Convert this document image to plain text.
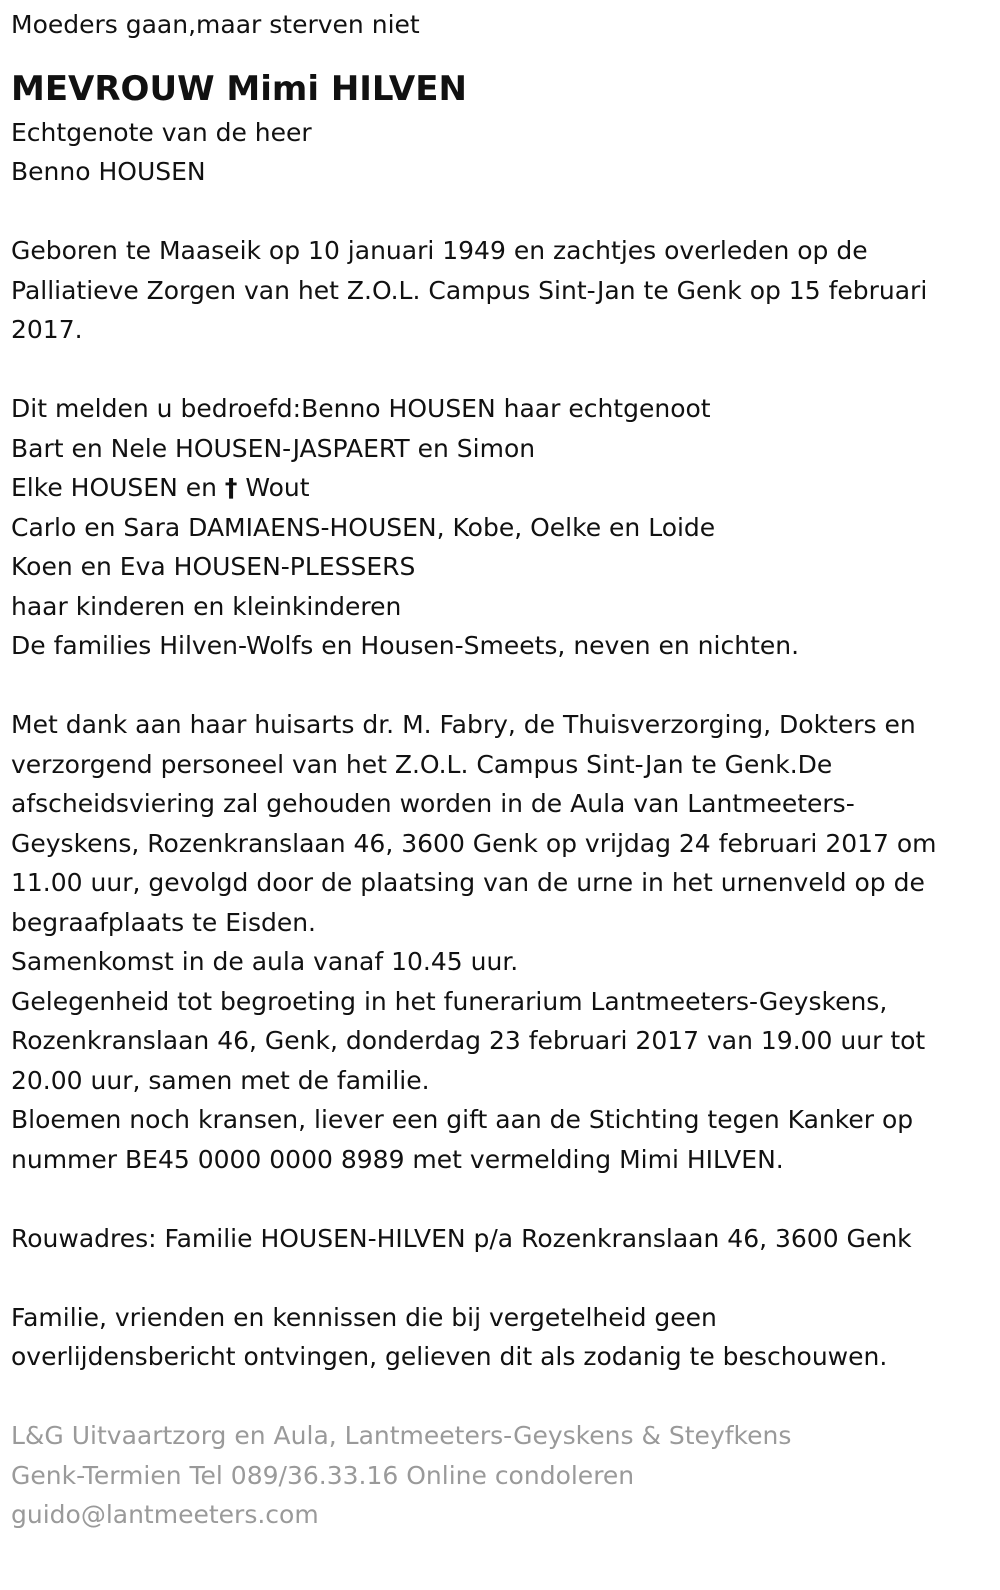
Moeders gaan,maar sterven niet

MEVROUW Mimi HILVEN

Echtgenote van de heer

Benno HOUSEN

Geboren te Maaseik op 10 januari 1949 en zachtjes overleden op de

Palliatieve Zorgen van het Z.O.L. Campus Sint-Jan te Genk op 15 februari

2017.

Dit melden u bedroefd:Benno HOUSEN haar echtgenoot

Bart en Nele HOUSEN-JASPAERT en Simon

Elke HOUSEN en † Wout

Carlo en Sara DAMIAENS-HOUSEN, Kobe, Oelke en Loide

Koen en Eva HOUSEN-PLESSERS

haar kinderen en kleinkinderen

De families Hilven-Wolfs en Housen-Smeets, neven en nichten.

Met dank aan haar huisarts dr. M. Fabry, de Thuisverzorging, Dokters en

verzorgend personeel van het Z.O.L. Campus Sint-Jan te Genk.De

afscheidsviering zal gehouden worden in de Aula van Lantmeeters-

Geyskens, Rozenkranslaan 46, 3600 Genk op vrijdag 24 februari 2017 om

11.00 uur, gevolgd door de plaatsing van de urne in het urnenveld op de

begraafplaats te Eisden.

Samenkomst in de aula vanaf 10.45 uur.

Gelegenheid tot begroeting in het funerarium Lantmeeters-Geyskens,

Rozenkranslaan 46, Genk, donderdag 23 februari 2017 van 19.00 uur tot

20.00 uur, samen met de familie.

Bloemen noch kransen, liever een gift aan de Stichting tegen Kanker op

nummer BE45 0000 0000 8989 met vermelding Mimi HILVEN.

Rouwadres: Familie HOUSEN-HILVEN p/a Rozenkranslaan 46, 3600 Genk

Familie, vrienden en kennissen die bij vergetelheid geen

overlijdensbericht ontvingen, gelieven dit als zodanig te beschouwen.

L&G Uitvaartzorg en Aula, Lantmeeters-Geyskens & Steyfkens

Genk-Termien Tel 089/36.33.16 Online condoleren

guido@lantmeeters.com
